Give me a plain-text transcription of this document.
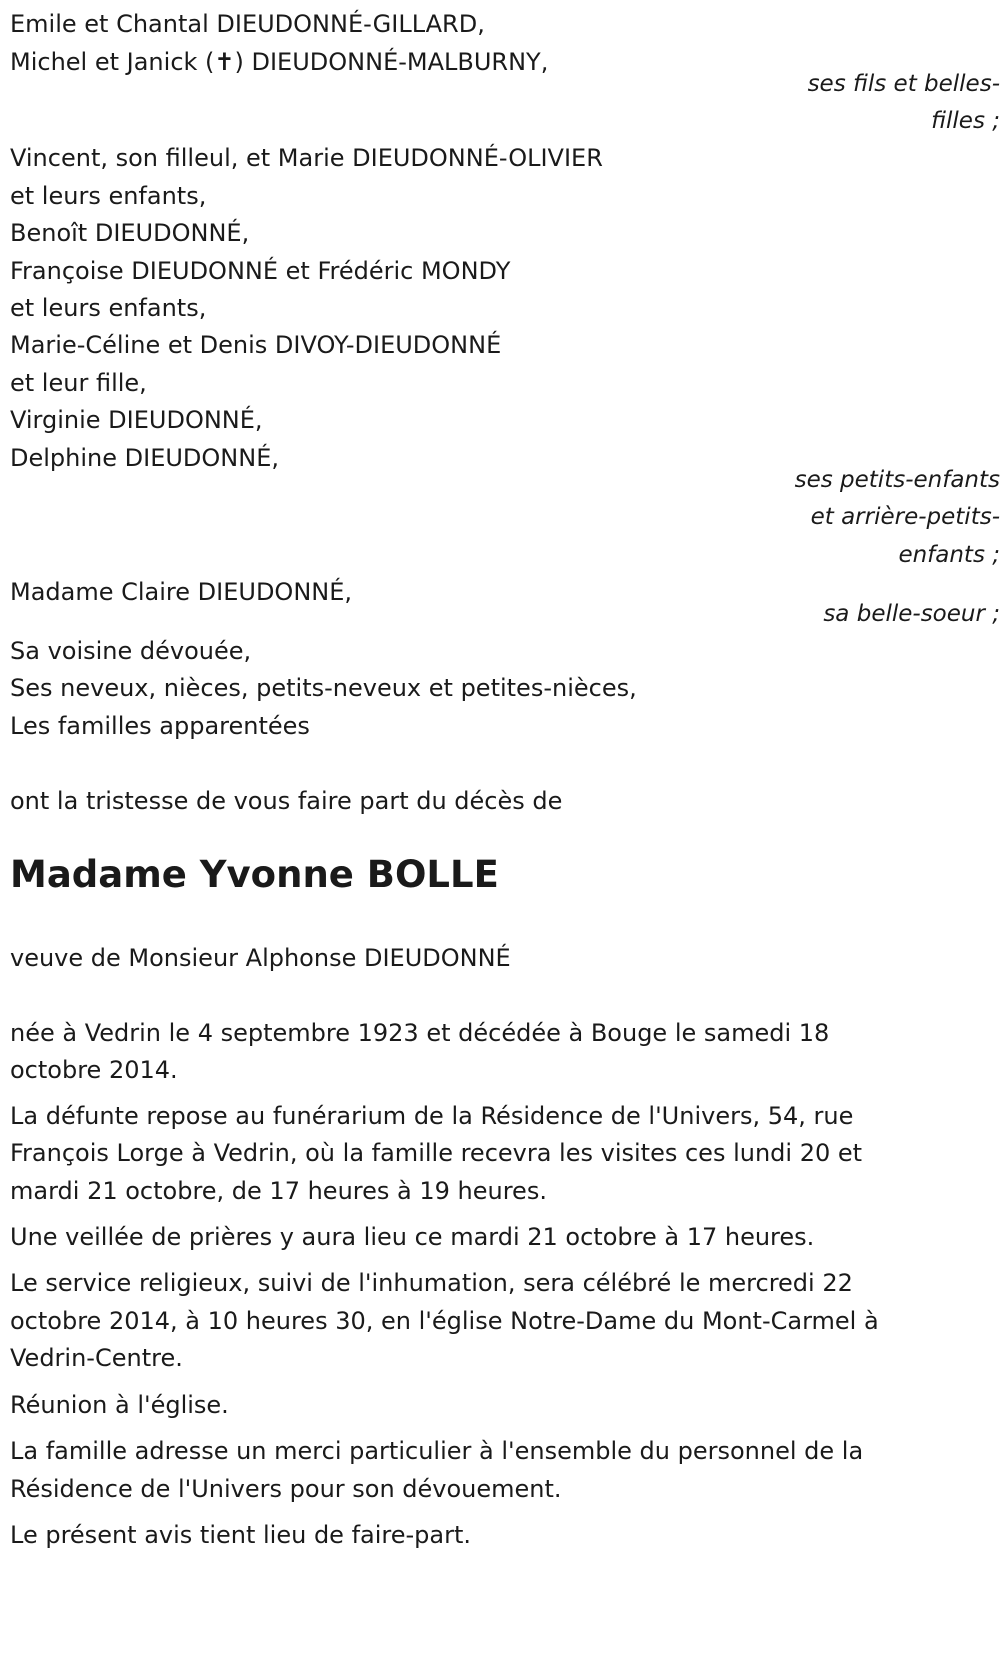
Emile et Chantal DIEUDONNÉ-GILLARD,

Michel et Janick (✝) DIEUDONNÉ-MALBURNY,

ses fils et belles-

filles ;

Vincent, son filleul, et Marie DIEUDONNÉ-OLIVIER

et leurs enfants,

Benoît DIEUDONNÉ,

Françoise DIEUDONNÉ et Frédéric MONDY

et leurs enfants,

Marie-Céline et Denis DIVOY-DIEUDONNÉ

et leur fille,

Virginie DIEUDONNÉ,

Delphine DIEUDONNÉ,

ses petits-enfants

et arrière-petits-

enfants ;

Madame Claire DIEUDONNÉ,

sa belle-soeur ;

Sa voisine dévouée,

Ses neveux, nièces, petits-neveux et petites-nièces,

Les familles apparentées

ont la tristesse de vous faire part du décès de

Madame Yvonne BOLLE

veuve de Monsieur Alphonse DIEUDONNÉ

née à Vedrin le 4 septembre 1923 et décédée à Bouge le samedi 18

octobre 2014.

La défunte repose au funérarium de la Résidence de l'Univers, 54, rue

François Lorge à Vedrin, où la famille recevra les visites ces lundi 20 et

mardi 21 octobre, de 17 heures à 19 heures.

Une veillée de prières y aura lieu ce mardi 21 octobre à 17 heures.

Le service religieux, suivi de l'inhumation, sera célébré le mercredi 22

octobre 2014, à 10 heures 30, en l'église Notre-Dame du Mont-Carmel à

Vedrin-Centre.

Réunion à l'église.

La famille adresse un merci particulier à l'ensemble du personnel de la

Résidence de l'Univers pour son dévouement.

Le présent avis tient lieu de faire-part.
